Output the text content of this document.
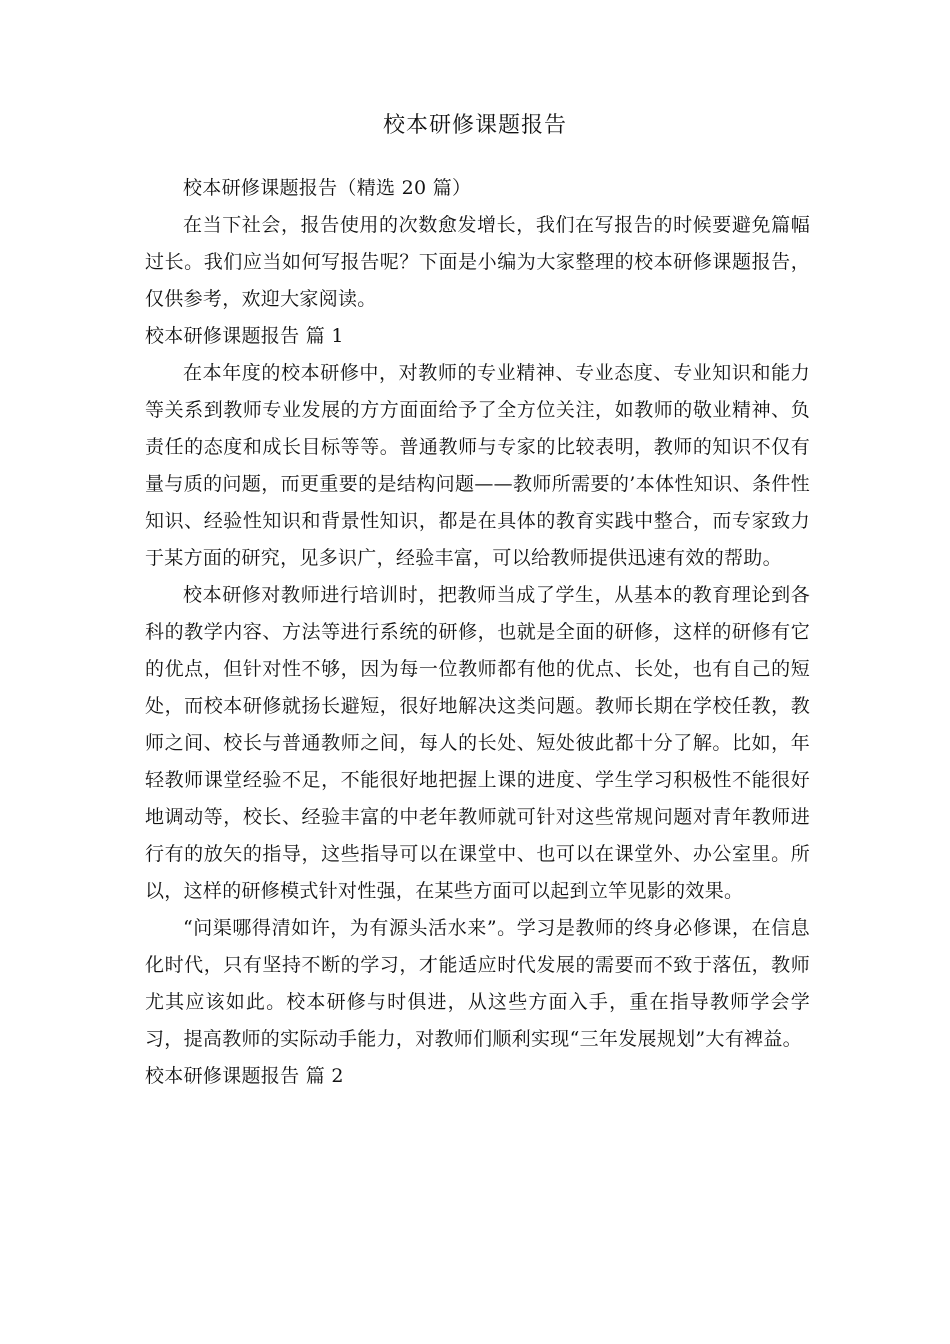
校本研修课题报告

校本研修课题报告（精选 20 篇）

在当下社会，报告使用的次数愈发增长，我们在写报告的时候要避免篇幅过长。我们应当如何写报告呢？下面是小编为大家整理的校本研修课题报告，仅供参考，欢迎大家阅读。

校本研修课题报告 篇 1

在本年度的校本研修中，对教师的专业精神、专业态度、专业知识和能力等关系到教师专业发展的方方面面给予了全方位关注，如教师的敬业精神、负责任的态度和成长目标等等。普通教师与专家的比较表明，教师的知识不仅有量与质的问题，而更重要的是结构问题——教师所需要的’本体性知识、条件性知识、经验性知识和背景性知识，都是在具体的教育实践中整合，而专家致力于某方面的研究，见多识广，经验丰富，可以给教师提供迅速有效的帮助。

校本研修对教师进行培训时，把教师当成了学生，从基本的教育理论到各科的教学内容、方法等进行系统的研修，也就是全面的研修，这样的研修有它的优点，但针对性不够，因为每一位教师都有他的优点、长处，也有自己的短处，而校本研修就扬长避短，很好地解决这类问题。教师长期在学校任教，教师之间、校长与普通教师之间，每人的长处、短处彼此都十分了解。比如，年轻教师课堂经验不足，不能很好地把握上课的进度、学生学习积极性不能很好地调动等，校长、经验丰富的中老年教师就可针对这些常规问题对青年教师进行有的放矢的指导，这些指导可以在课堂中、也可以在课堂外、办公室里。所以，这样的研修模式针对性强，在某些方面可以起到立竿见影的效果。

“问渠哪得清如许，为有源头活水来”。学习是教师的终身必修课，在信息化时代，只有坚持不断的学习，才能适应时代发展的需要而不致于落伍，教师尤其应该如此。校本研修与时俱进，从这些方面入手，重在指导教师学会学习，提高教师的实际动手能力，对教师们顺利实现“三年发展规划”大有裨益。

校本研修课题报告 篇 2
